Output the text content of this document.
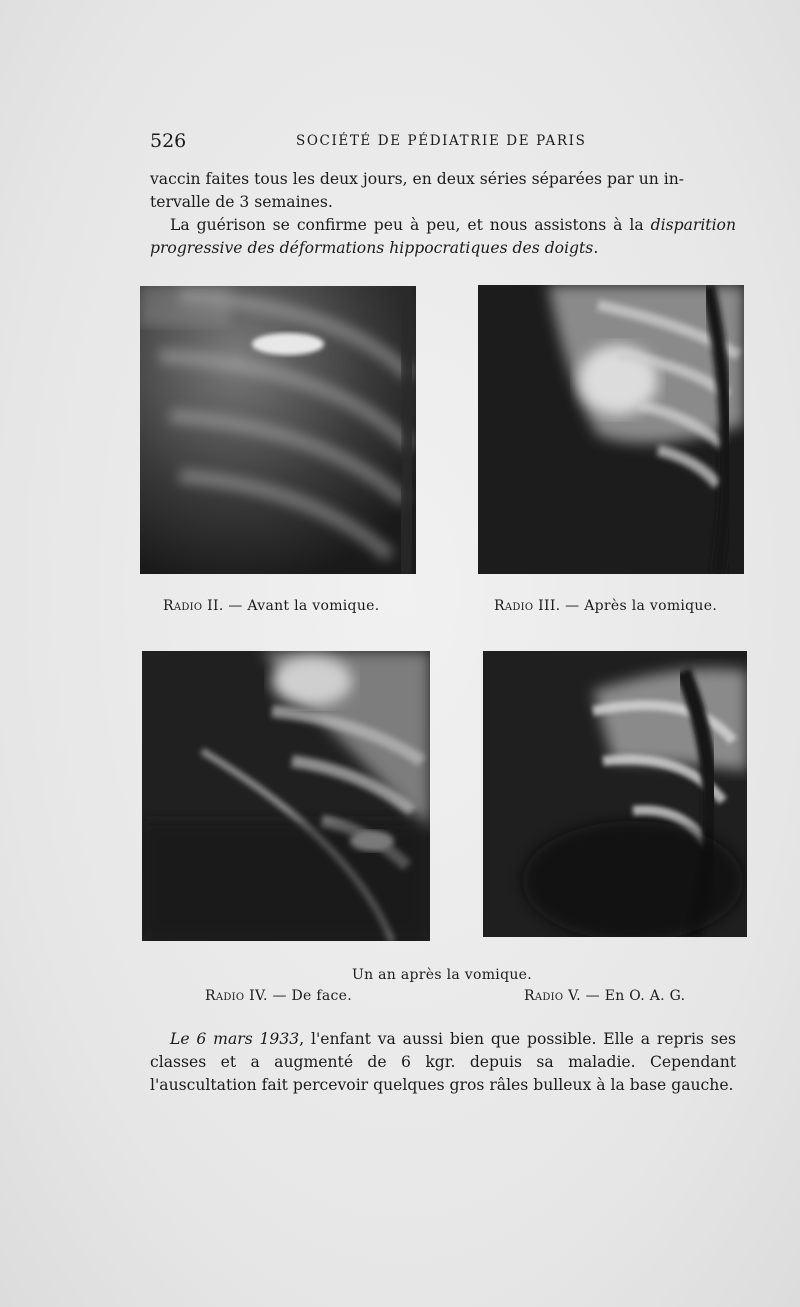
526	SOCIÉTÉ DE PÉDIATRIE DE PARIS

vaccin faites tous les deux jours, en deux séries séparées par un in-
tervalle de 3 semaines.

La guérison se confirme peu à peu, et nous assistons à la disparition progressive des déformations hippocratiques des doigts.

Radio II. — Avant la vomique.	Radio III. — Après la vomique.
Un an après la vomique.
Radio IV. — De face.	Radio V. — En O. A. G.

Le 6 mars 1933, l'enfant va aussi bien que possible. Elle a repris ses classes et a augmenté de 6 kgr. depuis sa maladie. Cependant l'auscultation fait percevoir quelques gros râles bulleux à la base gauche.
